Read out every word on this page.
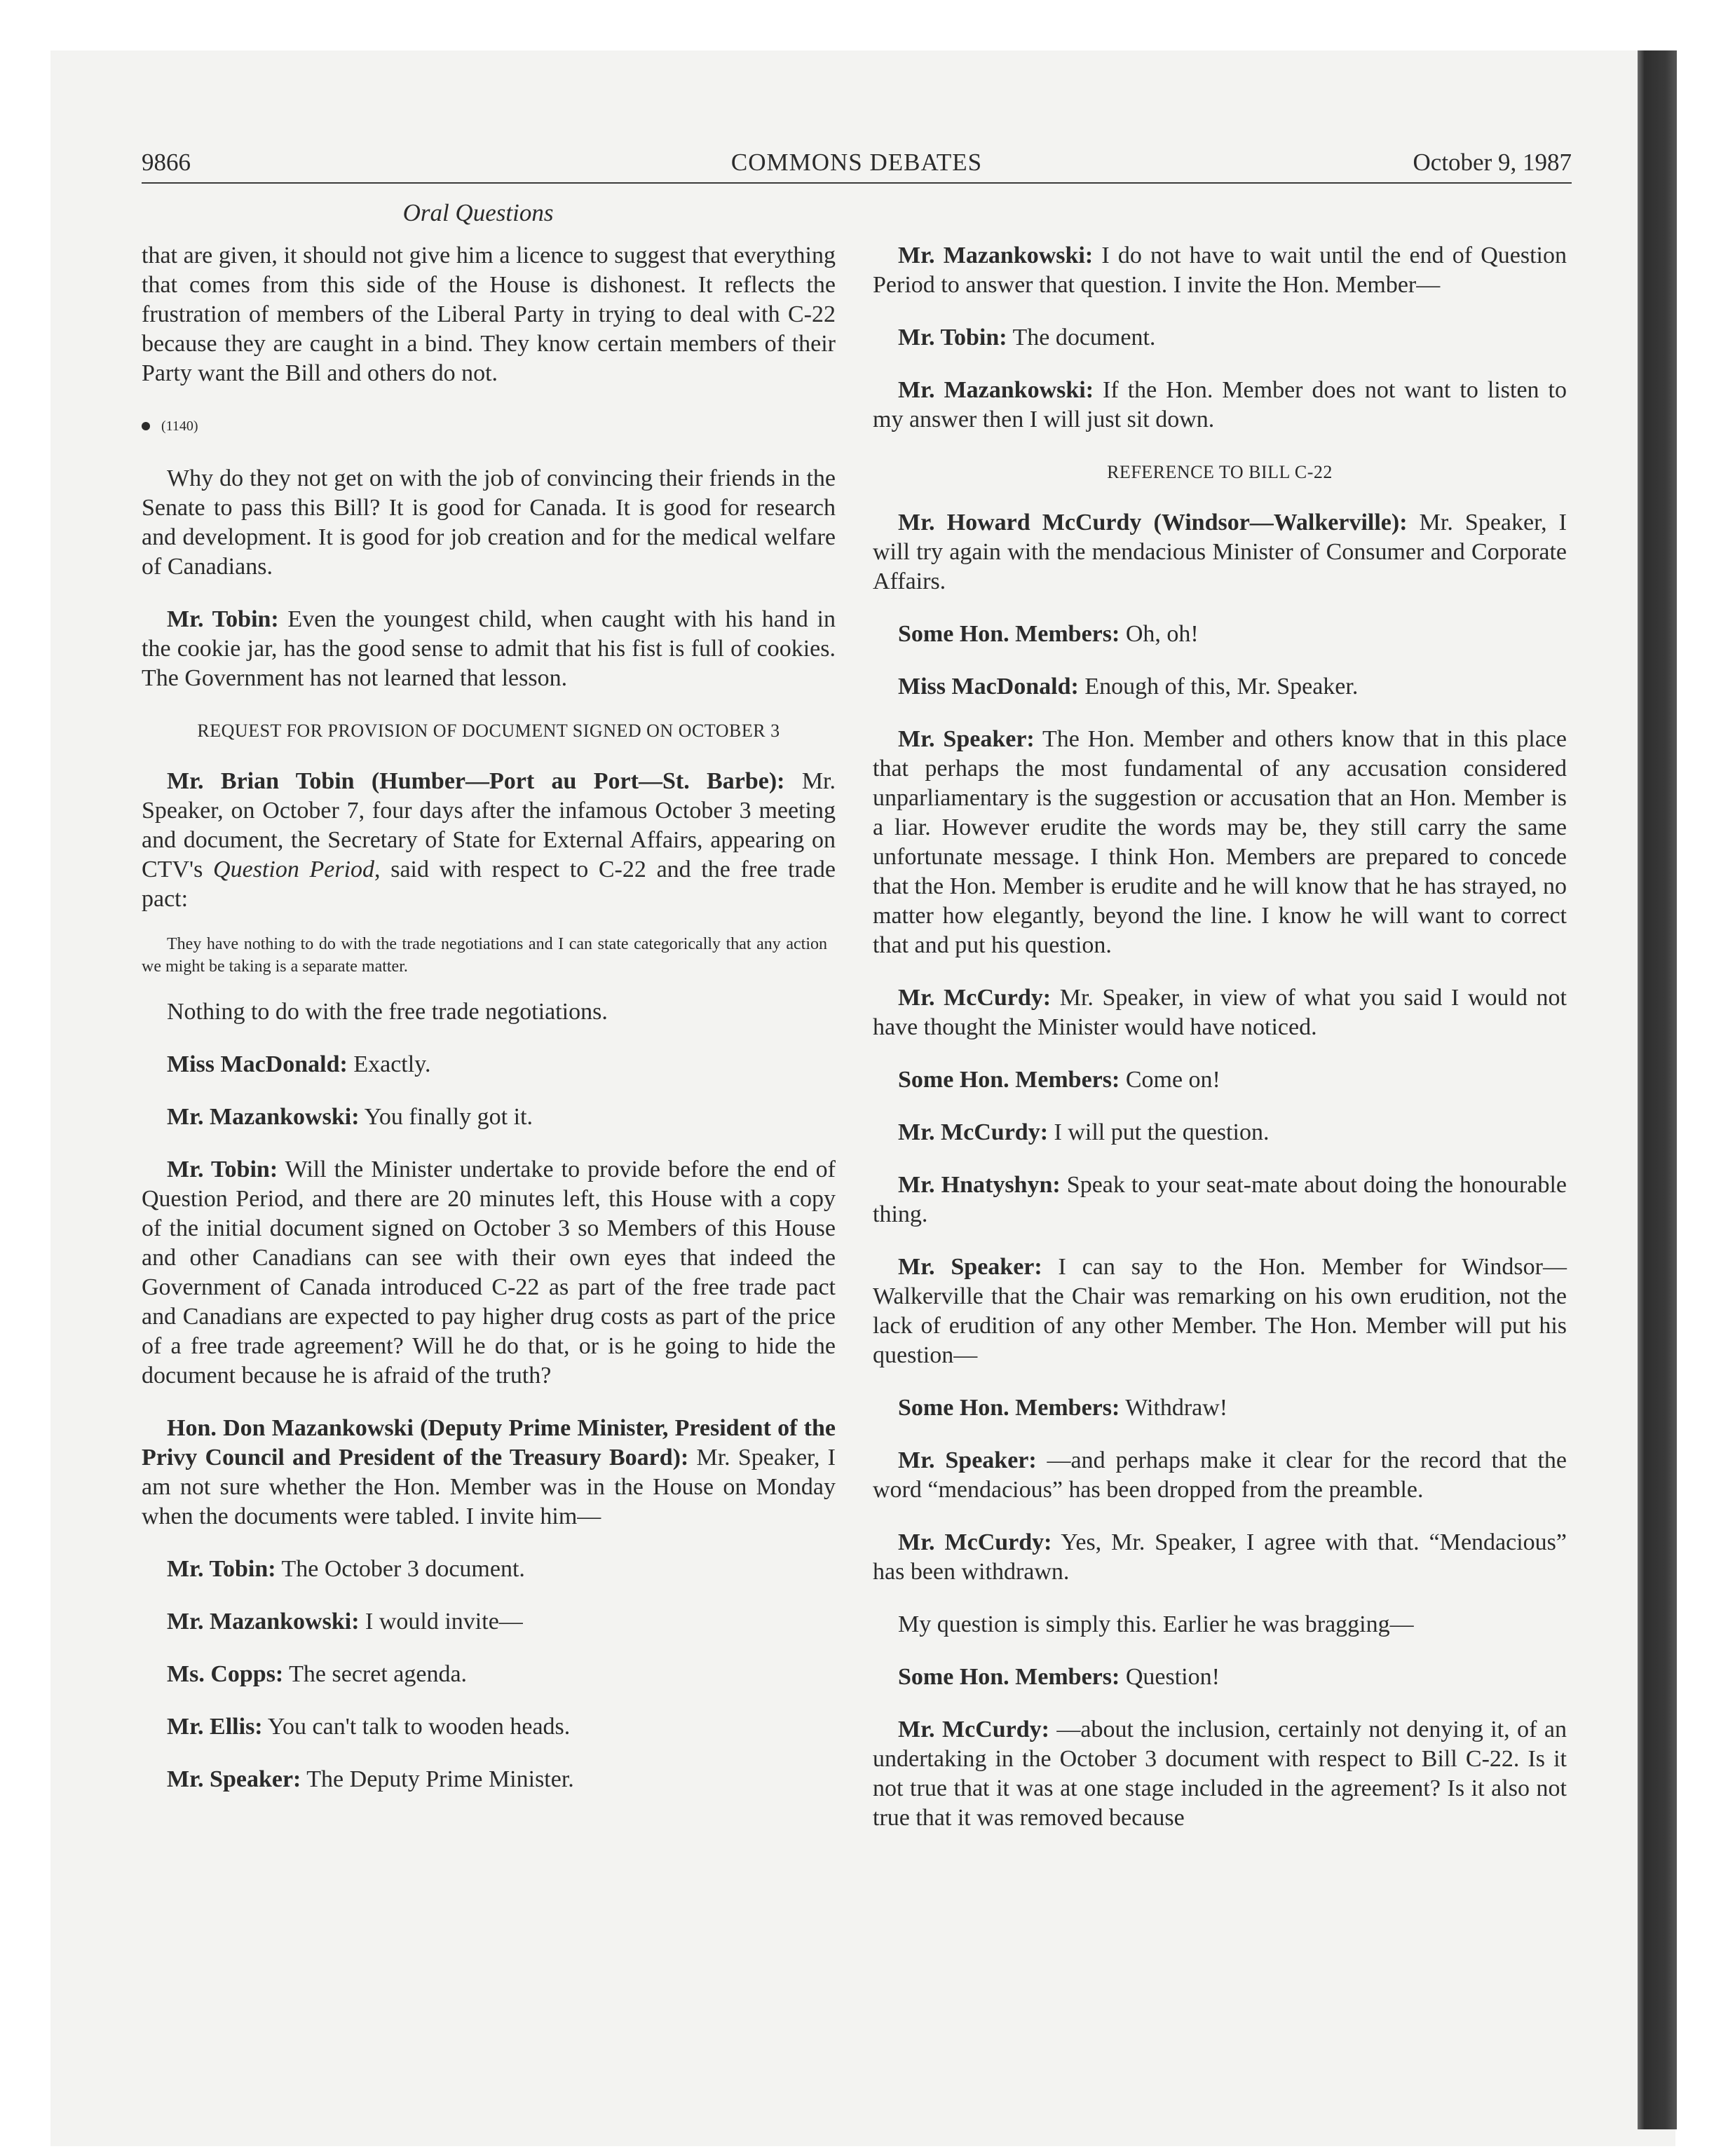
9866	COMMONS DEBATES	October 9, 1987
Oral Questions

that are given, it should not give him a licence to suggest that everything that comes from this side of the House is dishonest. It reflects the frustration of members of the Liberal Party in trying to deal with C-22 because they are caught in a bind. They know certain members of their Party want the Bill and others do not.

(1140)

Why do they not get on with the job of convincing their friends in the Senate to pass this Bill? It is good for Canada. It is good for research and development. It is good for job creation and for the medical welfare of Canadians.

Mr. Tobin: Even the youngest child, when caught with his hand in the cookie jar, has the good sense to admit that his fist is full of cookies. The Government has not learned that lesson.

REQUEST FOR PROVISION OF DOCUMENT SIGNED ON OCTOBER 3

Mr. Brian Tobin (Humber—Port au Port—St. Barbe): Mr. Speaker, on October 7, four days after the infamous October 3 meeting and document, the Secretary of State for External Affairs, appearing on CTV's Question Period, said with respect to C-22 and the free trade pact:

They have nothing to do with the trade negotiations and I can state categorically that any action we might be taking is a separate matter.

Nothing to do with the free trade negotiations.

Miss MacDonald: Exactly.

Mr. Mazankowski: You finally got it.

Mr. Tobin: Will the Minister undertake to provide before the end of Question Period, and there are 20 minutes left, this House with a copy of the initial document signed on October 3 so Members of this House and other Canadians can see with their own eyes that indeed the Government of Canada introduced C-22 as part of the free trade pact and Canadians are expected to pay higher drug costs as part of the price of a free trade agreement? Will he do that, or is he going to hide the document because he is afraid of the truth?

Hon. Don Mazankowski (Deputy Prime Minister, President of the Privy Council and President of the Treasury Board): Mr. Speaker, I am not sure whether the Hon. Member was in the House on Monday when the documents were tabled. I invite him—

Mr. Tobin: The October 3 document.

Mr. Mazankowski: I would invite—

Ms. Copps: The secret agenda.

Mr. Ellis: You can't talk to wooden heads.

Mr. Speaker: The Deputy Prime Minister.

Mr. Mazankowski: I do not have to wait until the end of Question Period to answer that question. I invite the Hon. Member—

Mr. Tobin: The document.

Mr. Mazankowski: If the Hon. Member does not want to listen to my answer then I will just sit down.

REFERENCE TO BILL C-22

Mr. Howard McCurdy (Windsor—Walkerville): Mr. Speaker, I will try again with the mendacious Minister of Consumer and Corporate Affairs.

Some Hon. Members: Oh, oh!

Miss MacDonald: Enough of this, Mr. Speaker.

Mr. Speaker: The Hon. Member and others know that in this place that perhaps the most fundamental of any accusation considered unparliamentary is the suggestion or accusation that an Hon. Member is a liar. However erudite the words may be, they still carry the same unfortunate message. I think Hon. Members are prepared to concede that the Hon. Member is erudite and he will know that he has strayed, no matter how elegantly, beyond the line. I know he will want to correct that and put his question.

Mr. McCurdy: Mr. Speaker, in view of what you said I would not have thought the Minister would have noticed.

Some Hon. Members: Come on!

Mr. McCurdy: I will put the question.

Mr. Hnatyshyn: Speak to your seat-mate about doing the honourable thing.

Mr. Speaker: I can say to the Hon. Member for Windsor—Walkerville that the Chair was remarking on his own erudition, not the lack of erudition of any other Member. The Hon. Member will put his question—

Some Hon. Members: Withdraw!

Mr. Speaker: —and perhaps make it clear for the record that the word “mendacious” has been dropped from the preamble.

Mr. McCurdy: Yes, Mr. Speaker, I agree with that. “Mendacious” has been withdrawn.

My question is simply this. Earlier he was bragging—

Some Hon. Members: Question!

Mr. McCurdy: —about the inclusion, certainly not denying it, of an undertaking in the October 3 document with respect to Bill C-22. Is it not true that it was at one stage included in the agreement? Is it also not true that it was removed because
